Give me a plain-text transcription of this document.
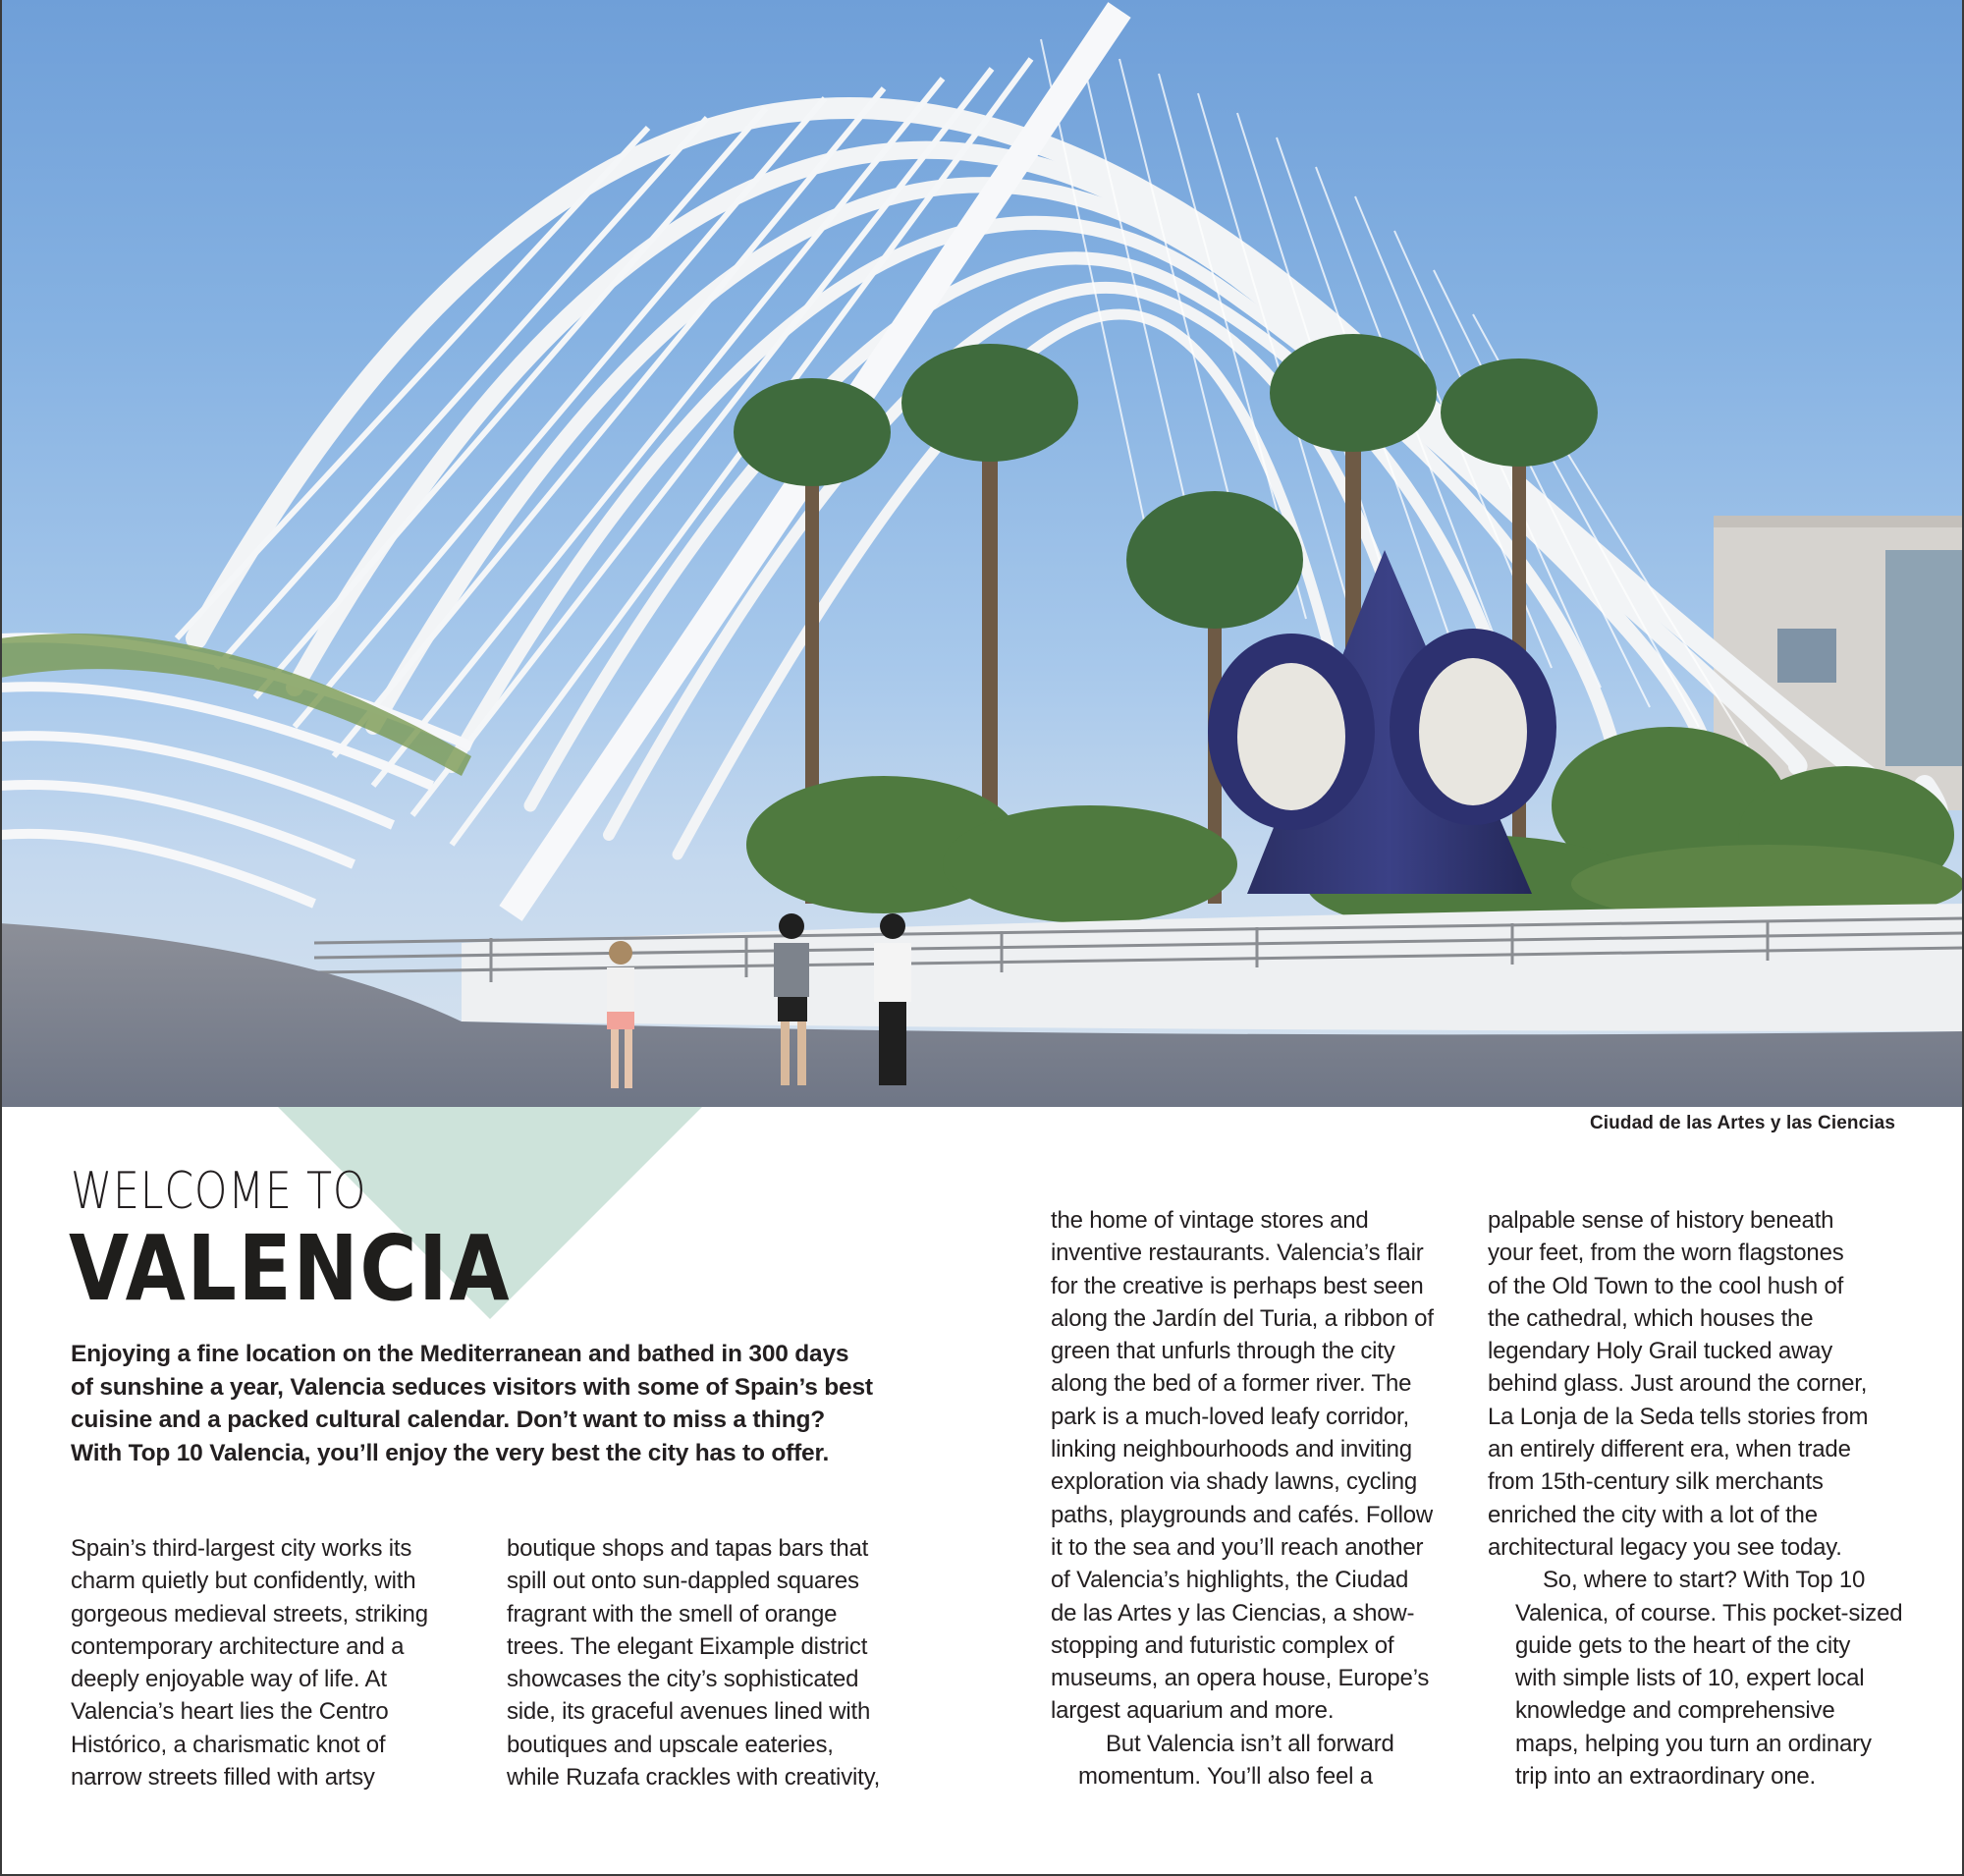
Ciudad de las Artes y las Ciencias
WELCOME TO
VALENCIA
Enjoying a fine location on the Mediterranean and bathed in 300 days
of sunshine a year, Valencia seduces visitors with some of Spain’s best
cuisine and a packed cultural calendar. Don’t want to miss a thing?
With Top 10 Valencia, you’ll enjoy the very best the city has to offer.

Spain’s third-largest city works its
charm quietly but confidently, with
gorgeous medieval streets, striking
contemporary architecture and a
deeply enjoyable way of life. At
Valencia’s heart lies the Centro
Histórico, a charismatic knot of
narrow streets filled with artsy

boutique shops and tapas bars that
spill out onto sun-dappled squares
fragrant with the smell of orange
trees. The elegant Eixample district
showcases the city’s sophisticated
side, its graceful avenues lined with
boutiques and upscale eateries,
while Ruzafa crackles with creativity,

the home of vintage stores and
inventive restaurants. Valencia’s flair
for the creative is perhaps best seen
along the Jardín del Turia, a ribbon of
green that unfurls through the city
along the bed of a former river. The
park is a much-loved leafy corridor,
linking neighbourhoods and inviting
exploration via shady lawns, cycling
paths, playgrounds and cafés. Follow
it to the sea and you’ll reach another
of Valencia’s highlights, the Ciudad
de las Artes y las Ciencias, a show-
stopping and futuristic complex of
museums, an opera house, Europe’s
largest aquarium and more.

But Valencia isn’t all forward
momentum. You’ll also feel a

palpable sense of history beneath
your feet, from the worn flagstones
of the Old Town to the cool hush of
the cathedral, which houses the
legendary Holy Grail tucked away
behind glass. Just around the corner,
La Lonja de la Seda tells stories from
an entirely different era, when trade
from 15th-century silk merchants
enriched the city with a lot of the
architectural legacy you see today.

So, where to start? With Top 10
Valenica, of course. This pocket-sized
guide gets to the heart of the city
with simple lists of 10, expert local
knowledge and comprehensive
maps, helping you turn an ordinary
trip into an extraordinary one.
